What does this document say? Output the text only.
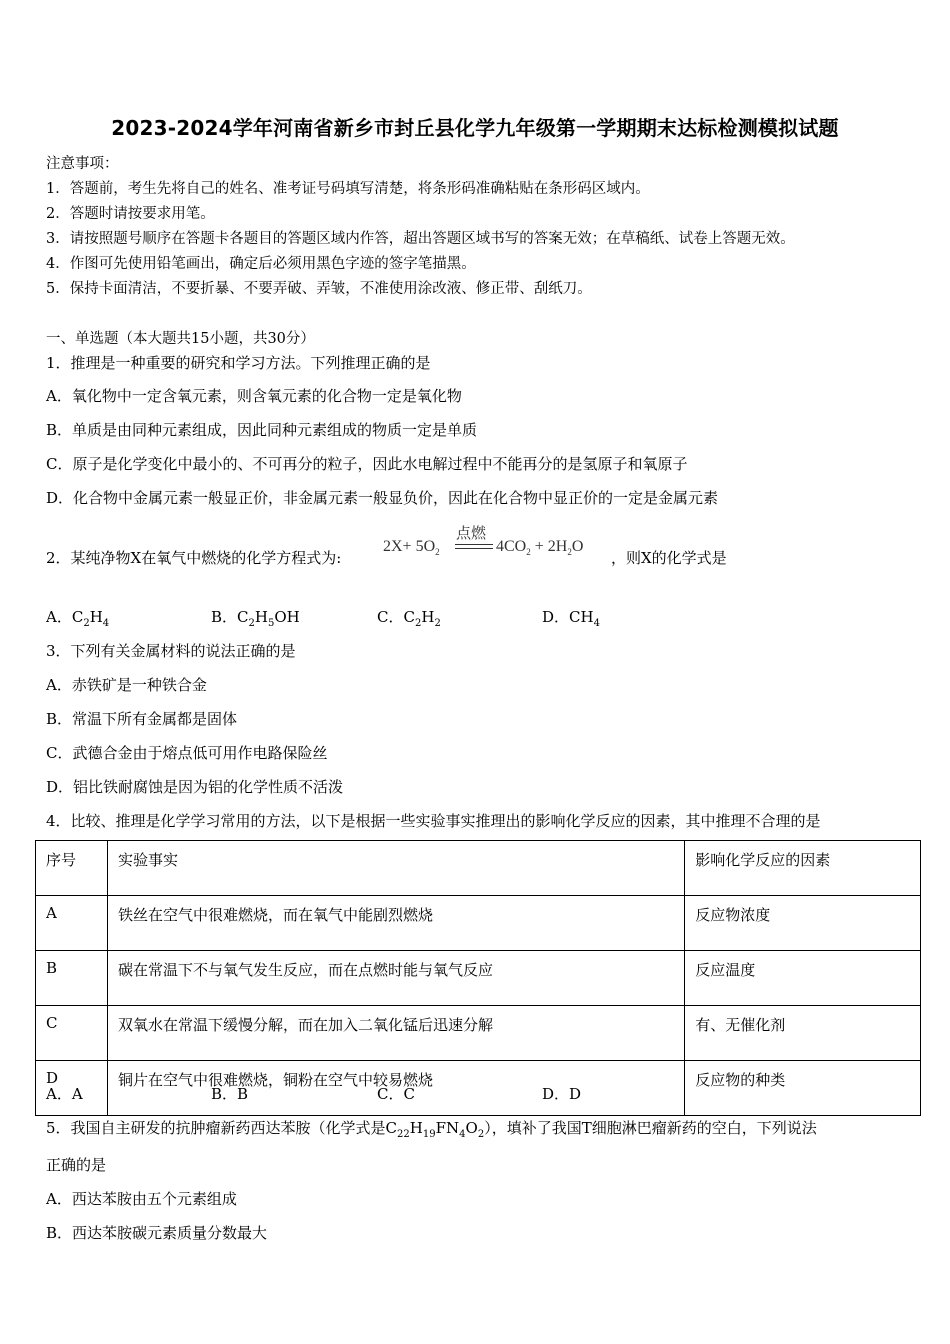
2023-2024学年河南省新乡市封丘县化学九年级第一学期期末达标检测模拟试题
注意事项：
1．答题前，考生先将自己的姓名、准考证号码填写清楚，将条形码准确粘贴在条形码区域内。
2．答题时请按要求用笔。
3．请按照题号顺序在答题卡各题目的答题区域内作答，超出答题区域书写的答案无效；在草稿纸、试卷上答题无效。
4．作图可先使用铅笔画出，确定后必须用黑色字迹的签字笔描黑。
5．保持卡面清洁，不要折暴、不要弄破、弄皱，不准使用涂改液、修正带、刮纸刀。
一、单选题（本大题共15小题，共30分）
1．推理是一种重要的研究和学习方法。下列推理正确的是
A．氧化物中一定含氧元素，则含氧元素的化合物一定是氧化物
B．单质是由同种元素组成，因此同种元素组成的物质一定是单质
C．原子是化学变化中最小的、不可再分的粒子，因此水电解过程中不能再分的是氢原子和氧原子
D．化合物中金属元素一般显正价，非金属元素一般显负价，因此在化合物中显正价的一定是金属元素
2．某纯净物X在氧气中燃烧的化学方程式为:
$2X+ 5O_2$
点燃
$4CO_2 + 2H_2O$
，则X的化学式是
A．$C_2H_4$	B．$C_2H_5OH$	C．$C_2H_2$	D．$CH_4$
3．下列有关金属材料的说法正确的是
A．赤铁矿是一种铁合金
B．常温下所有金属都是固体
C．武德合金由于熔点低可用作电路保险丝
D．铝比铁耐腐蚀是因为铝的化学性质不活泼
4．比较、推理是化学学习常用的方法，以下是根据一些实验事实推理出的影响化学反应的因素，其中推理不合理的是
序号	实验事实	影响化学反应的因素
A	铁丝在空气中很难燃烧，而在氧气中能剧烈燃烧	反应物浓度
B	碳在常温下不与氧气发生反应，而在点燃时能与氧气反应	反应温度
C	双氧水在常温下缓慢分解，而在加入二氧化锰后迅速分解	有、无催化剂
D	铜片在空气中很难燃烧，铜粉在空气中较易燃烧	反应物的种类
A．A	B．B	C．C	D．D
5．我国自主研发的抗肿瘤新药西达苯胺（化学式是$C_{22}H_{19}FN_4O_2$），填补了我国T细胞淋巴瘤新药的空白，下列说法
正确的是
A．西达苯胺由五个元素组成
B．西达苯胺碳元素质量分数最大
